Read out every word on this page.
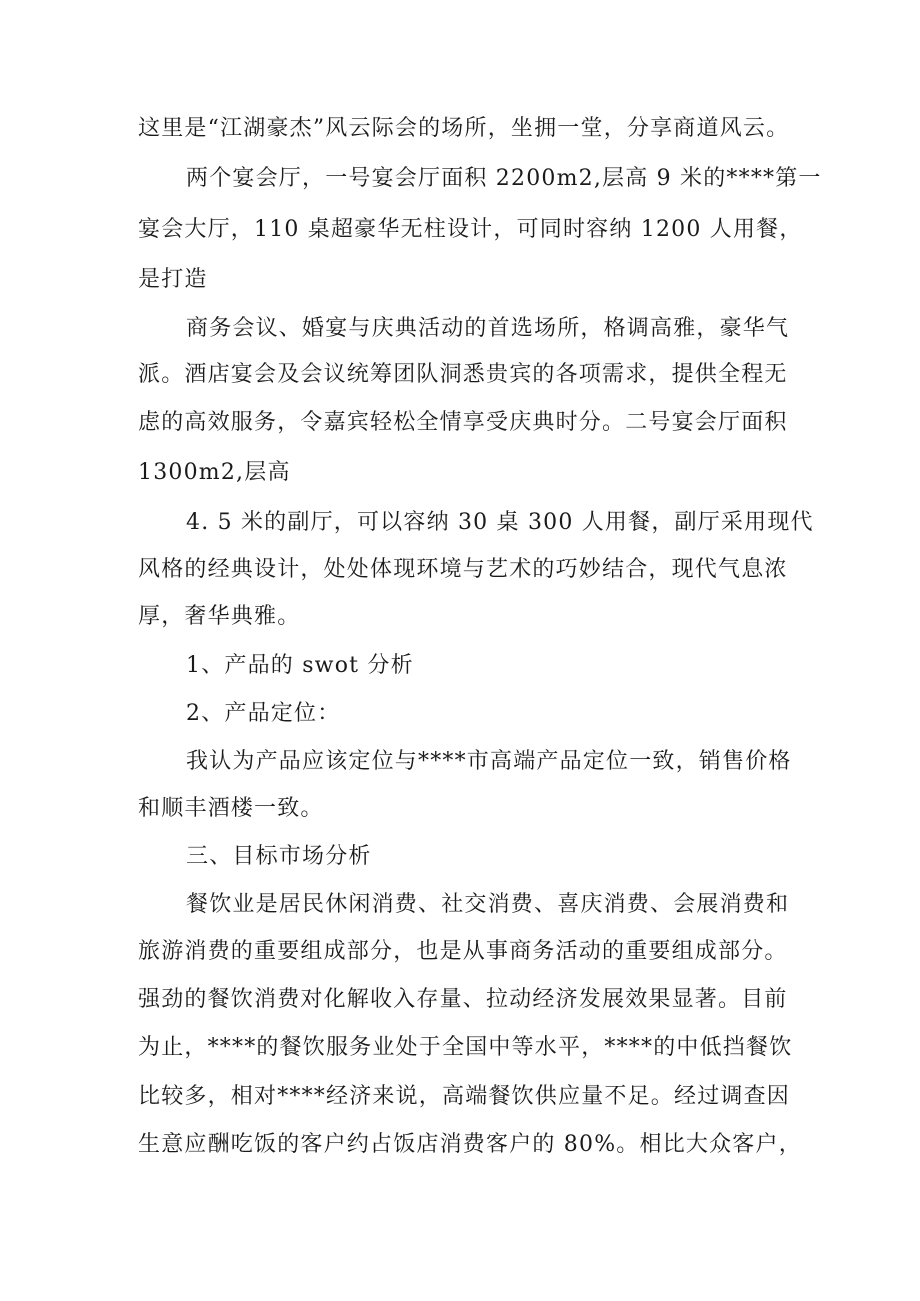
这里是“江湖豪杰”风云际会的场所，坐拥一堂，分享商道风云。
两个宴会厅，一号宴会厅面积 2200m2,层高 9 米的****第一
宴会大厅，110 桌超豪华无柱设计，可同时容纳 1200 人用餐，
是打造
商务会议、婚宴与庆典活动的首选场所，格调高雅，豪华气
派。酒店宴会及会议统筹团队洞悉贵宾的各项需求，提供全程无
虑的高效服务，令嘉宾轻松全情享受庆典时分。二号宴会厅面积
1300m2,层高
4. 5 米的副厅，可以容纳 30 桌 300 人用餐，副厅采用现代
风格的经典设计，处处体现环境与艺术的巧妙结合，现代气息浓
厚，奢华典雅。
1、产品的 swot 分析
2、产品定位：
我认为产品应该定位与****市高端产品定位一致，销售价格
和顺丰酒楼一致。
三、目标市场分析
餐饮业是居民休闲消费、社交消费、喜庆消费、会展消费和
旅游消费的重要组成部分，也是从事商务活动的重要组成部分。
强劲的餐饮消费对化解收入存量、拉动经济发展效果显著。目前
为止，****的餐饮服务业处于全国中等水平，****的中低挡餐饮
比较多，相对****经济来说，高端餐饮供应量不足。经过调查因
生意应酬吃饭的客户约占饭店消费客户的 80%。相比大众客户，
